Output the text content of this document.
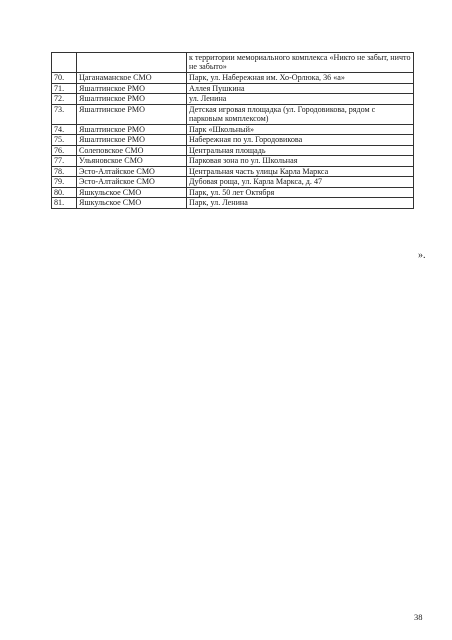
		к территории мемориального комплекса «Никто не забыт, ничто не забыто»
70.	Цаганаманское СМО	Парк, ул. Набережная им. Хо-Орлюка, 36 «а»
71.	Яшалтинское РМО	Аллея Пушкина
72.	Яшалтинское РМО	ул. Ленина
73.	Яшалтинское РМО	Детская игровая площадка (ул. Городовикова, рядом с парковым комплексом)
74.	Яшалтинское РМО	Парк «Школьный»
75.	Яшалтинское РМО	Набережная по ул. Городовикова
76.	Солеповское СМО	Центральная площадь
77.	Ульяновское СМО	Парковая зона по ул. Школьная
78.	Эсто-Алтайское СМО	Центральная часть улицы Карла Маркса
79.	Эсто-Алтайское СМО	Дубовая роща, ул. Карла Маркса, д. 47
80.	Яшкульское СМО	Парк, ул. 50 лет Октября
81.	Яшкульское СМО	Парк, ул. Ленина
».
38
